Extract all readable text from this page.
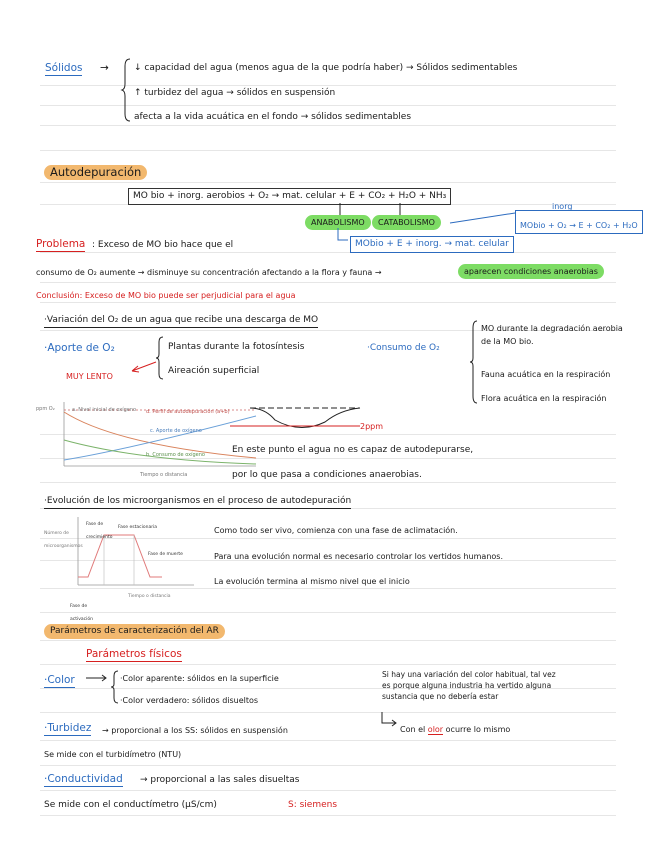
Sólidos →	↓ capacidad del agua (menos agua de la que podría haber) → Sólidos sedimentables
↑ turbidez del agua → sólidos en suspensión
afecta a la vida acuática en el fondo → sólidos sedimentables
Autodepuración
MO bio + inorg. aerobios + O₂ → mat. celular + E + CO₂ + H₂O + NH₃
ANABOLISMO	CATABOLISMO	MObio + O₂ → E + CO₂ + H₂O
inorg
MObio + E + inorg. → mat. celular
Problema : Exceso de MO bio hace que el
consumo de O₂ aumente → disminuye su concentración afectando a la flora y fauna →	aparecen condiciones anaerobias
Conclusión: Exceso de MO bio puede ser perjudicial para el agua
·Variación del O₂ de un agua que recibe una descarga de MO
·Aporte de O₂	Plantas durante la fotosíntesis
Aireación superficial
MUY LENTO
·Consumo de O₂
MO durante la degradación aerobia de la MO bio.
Fauna acuática en la respiración
Flora acuática en la respiración
ppm O₂	a. Nivel inicial de oxígeno d. Perfil de autodepuración (a+b)
c. Aporte de oxígeno
b. Consumo de oxígeno
Tiempo o distancia
2ppm
En este punto el agua no es capaz de autodepurarse,
por lo que pasa a condiciones anaerobias.
·Evolución de los microorganismos en el proceso de autodepuración
Número de microorganismos
Fase de crecimiento
Fase estacionaria
Fase de muerte
Fase de activación
Tiempo o distancia
Como todo ser vivo, comienza con una fase de aclimatación.
Para una evolución normal es necesario controlar los vertidos humanos.
La evolución termina al mismo nivel que el inicio
Parámetros de caracterización del AR
Parámetros físicos
·Color	·Color aparente: sólidos en la superficie
·Color verdadero: sólidos disueltos
Si hay una variación del color habitual, tal vez
es porque alguna industria ha vertido alguna
sustancia que no debería estar
·Turbidez → proporcional a los SS: sólidos en suspensión	Con el olor ocurre lo mismo
Se mide con el turbidímetro (NTU)
·Conductividad → proporcional a las sales disueltas
Se mide con el conductímetro (μS/cm)	S: siemens
